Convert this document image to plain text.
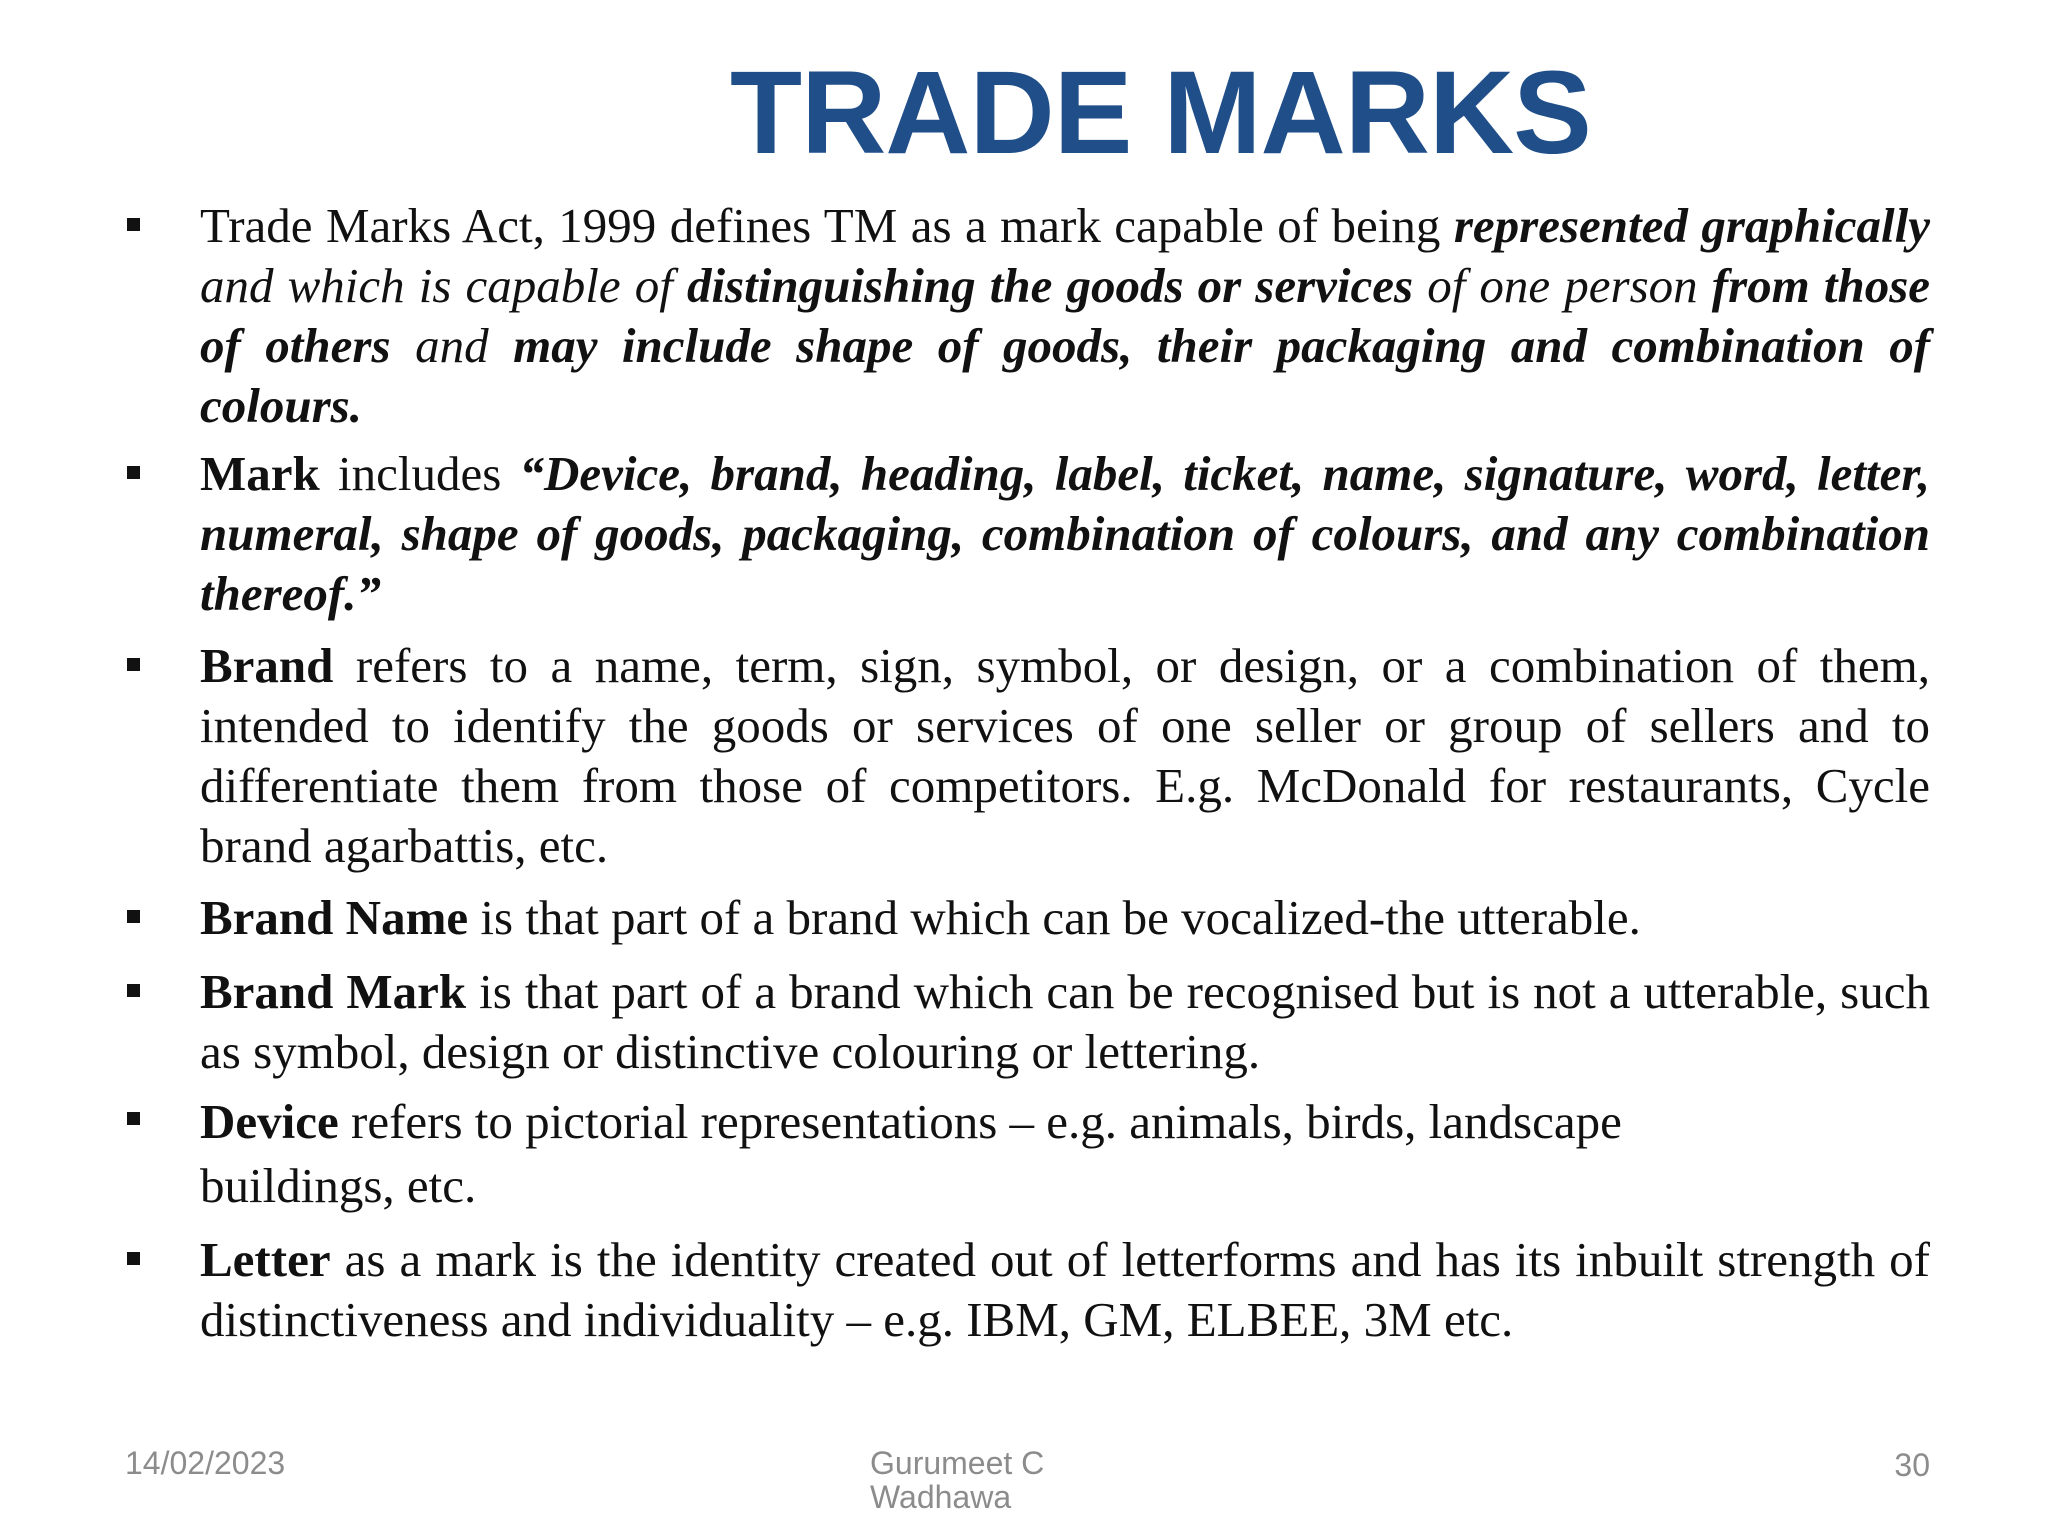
TRADE MARKS
Trade Marks Act, 1999 defines TM as a mark capable of being represented graphically and which is capable of distinguishing the goods or services of one person from those of others and may include shape of goods, their packaging and combination of colours.
Mark includes “Device, brand, heading, label, ticket, name, signature, word, letter, numeral, shape of goods, packaging, combination of colours, and any combination thereof.”
Brand refers to a name, term, sign, symbol, or design, or a combination of them, intended to identify the goods or services of one seller or group of sellers and to differentiate them from those of competitors. E.g. McDonald for restaurants, Cycle brand agarbattis, etc.
Brand Name is that part of a brand which can be vocalized-the utterable.
Brand Mark is that part of a brand which can be recognised but is not a utterable, such as symbol, design or distinctive colouring or lettering.
Device refers to pictorial representations – e.g. animals, birds, landscape buildings, etc.
Letter as a mark is the identity created out of letterforms and has its inbuilt strength of distinctiveness and individuality – e.g. IBM, GM, ELBEE, 3M etc.
14/02/2023	Gurumeet C Wadhawa
30
